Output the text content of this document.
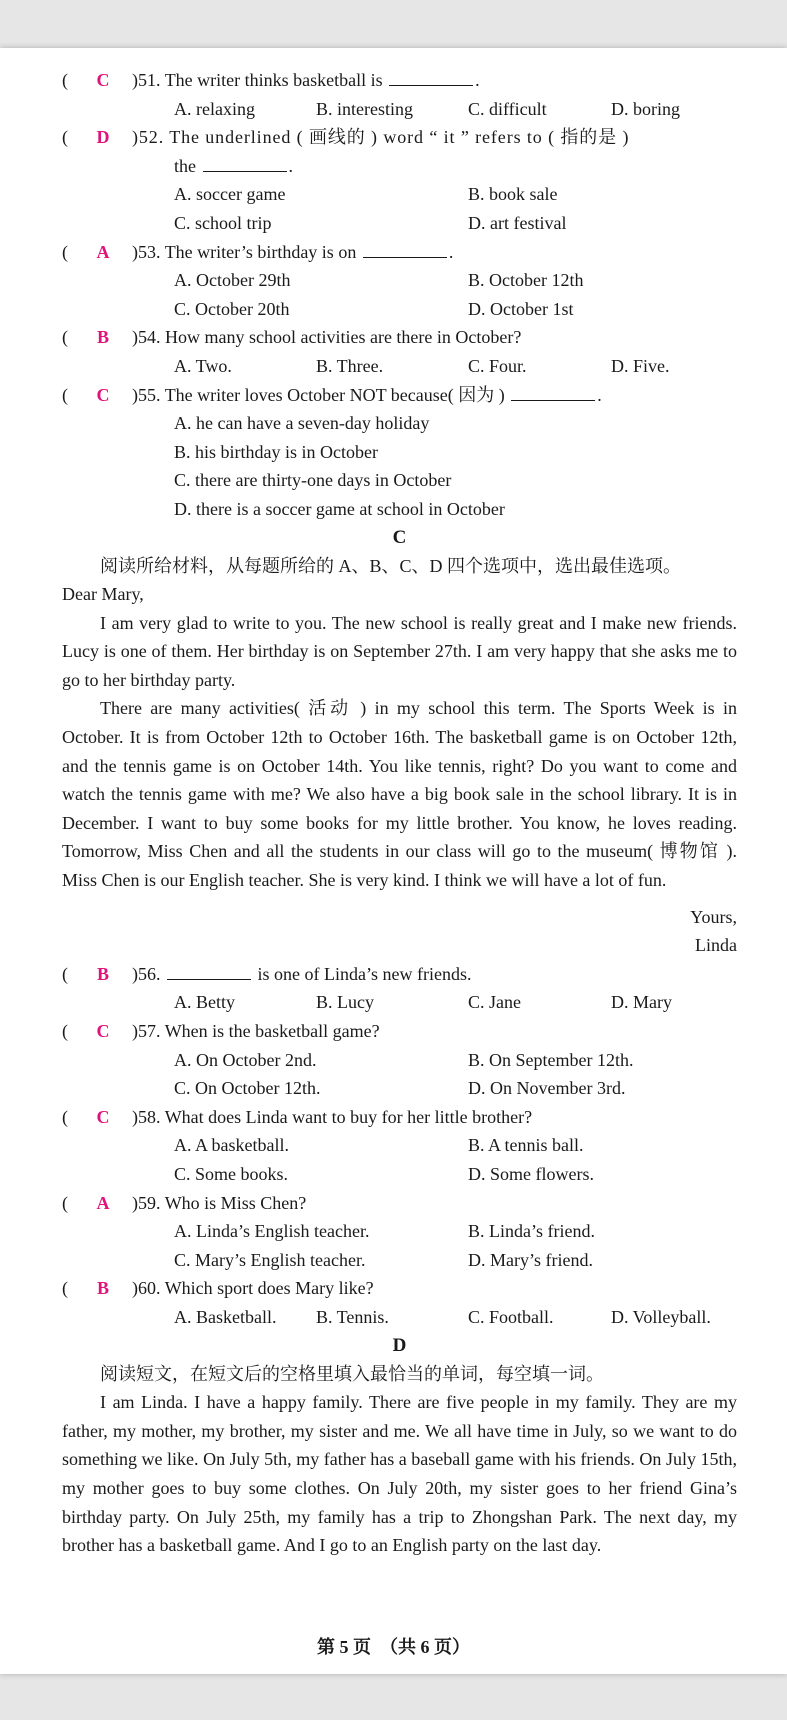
( C )51. The writer thinks basketball is	.
A. relaxing	B. interesting	C. difficult	D. boring
( D )52. The underlined ( 画线的 ) word “ it ” refers to ( 指的是 )
the	.
A. soccer game	B. book sale
C. school trip	D. art festival
( A )53. The writer’s birthday is on	.
A. October 29th	B. October 12th
C. October 20th	D. October 1st
( B )54. How many school activities are there in October?
A. Two.	B. Three.	C. Four.	D. Five.
( C )55. The writer loves October NOT because( 因为 )	.
A. he can have a seven-day holiday
B. his birthday is in October
C. there are thirty-one days in October
D. there is a soccer game at school in October
C

阅读所给材料，从每题所给的 A、B、C、D 四个选项中，选出最佳选项。

Dear Mary,

I am very glad to write to you. The new school is really great and I make new friends. Lucy is one of them. Her birthday is on September 27th. I am very happy that she asks me to go to her birthday party.

There are many activities( 活动 ) in my school this term. The Sports Week is in October. It is from October 12th to October 16th. The basketball game is on October 12th, and the tennis game is on October 14th. You like tennis, right? Do you want to come and watch the tennis game with me? We also have a big book sale in the school library. It is in December. I want to buy some books for my little brother. You know, he loves reading. Tomorrow, Miss Chen and all the students in our class will go to the museum( 博物馆 ). Miss Chen is our English teacher. She is very kind. I think we will have a lot of fun.

Yours,

Linda

( B )56.	is one of Linda’s new friends.
A. Betty	B. Lucy	C. Jane	D. Mary
( C )57. When is the basketball game?
A. On October 2nd.	B. On September 12th.
C. On October 12th.	D. On November 3rd.
( C )58. What does Linda want to buy for her little brother?
A. A basketball.	B. A tennis ball.
C. Some books.	D. Some flowers.
( A )59. Who is Miss Chen?
A. Linda’s English teacher.	B. Linda’s friend.
C. Mary’s English teacher.	D. Mary’s friend.
( B )60. Which sport does Mary like?
A. Basketball. B. Tennis.	C. Football.	D. Volleyball.
D

阅读短文，在短文后的空格里填入最恰当的单词，每空填一词。

I am Linda. I have a happy family. There are five people in my family. They are my father, my mother, my brother, my sister and me. We all have time in July, so we want to do something we like. On July 5th, my father has a baseball game with his friends. On July 15th, my mother goes to buy some clothes. On July 20th, my sister goes to her friend Gina’s birthday party. On July 25th, my family has a trip to Zhongshan Park. The next day, my brother has a basketball game. And I go to an English party on the last day.

第 5 页　（共 6 页）
